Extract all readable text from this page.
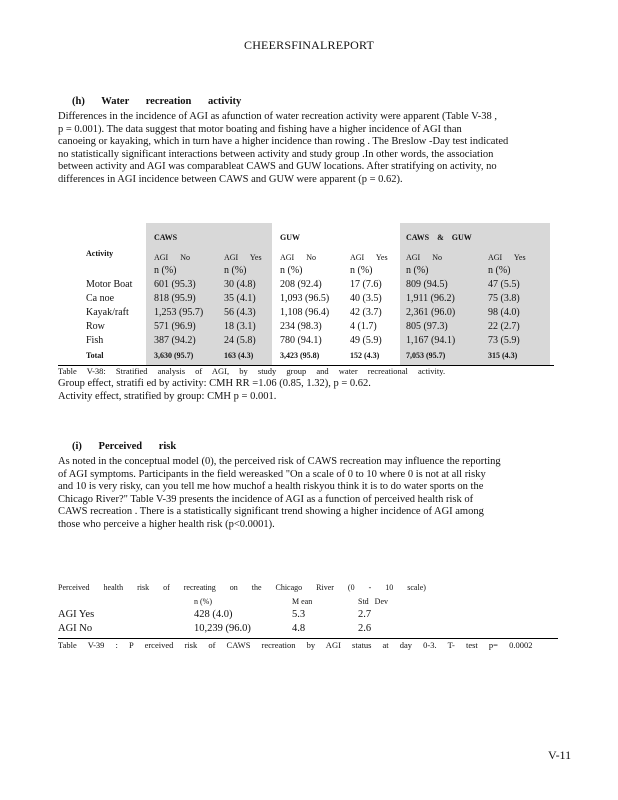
CHEERSFINALREPORT
(h) Water recreation activity

Differences in the incidence of AGI as afunction of water recreation activity were apparent (Table V-38 ,

p = 0.001). The data suggest that motor boating and fishing have a higher incidence of AGI than

canoeing or kayaking, which in turn have a higher incidence than rowing . The Breslow -Day test indicated

no statistically significant interactions between activity and study group .In other words, the association

between activity and AGI was comparableat CAWS and GUW locations. After stratifying on activity, no

differences in AGI incidence between CAWS and GUW were apparent (p = 0.62).

CAWS	GUW	CAWS & GUW
Activity	AGI No	AGI Yes AGI No	AGI Yes AGI No	AGI Yes
n (%)	n (%)	n (%)	n (%)	n (%)	n (%)
Motor Boat 601 (95.3)	30 (4.8) 208 (92.4)	17 (7.6) 809 (94.5)	47 (5.5)
Ca noe	818 (95.9)	35 (4.1) 1,093 (96.5) 40 (3.5) 1,911 (96.2)	75 (3.8)
Kayak/raft	1,253 (95.7) 56 (4.3) 1,108 (96.4) 42 (3.7) 2,361 (96.0)	98 (4.0)
Row	571 (96.9)	18 (3.1) 234 (98.3)	4 (1.7)	805 (97.3)	22 (2.7)
Fish	387 (94.2)	24 (5.8) 780 (94.1)	49 (5.9) 1,167 (94.1)	73 (5.9)
Total	3,630 (95.7)	163 (4.3)	3,423 (95.8)	152 (4.3)	7,053 (95.7)	315 (4.3)
Table V-38: Stratified analysis of AGI, by study group and water recreational activity.

Group effect, stratifi ed by activity: CMH RR =1.06 (0.85, 1.32), p = 0.62.

Activity effect, stratified by group: CMH p = 0.001.

(i) Perceived risk

As noted in the conceptual model (0), the perceived risk of CAWS recreation may influence the reporting

of AGI symptoms. Participants in the field wereasked "On a scale of 0 to 10 where 0 is not at all risky

and 10 is very risky, can you tell me how muchof a health riskyou think it is to do water sports on the

Chicago River?" Table V-39 presents the incidence of AGI as a function of perceived health risk of

CAWS recreation . There is a statistically significant trend showing a higher incidence of AGI among

those who perceive a higher health risk (p<0.0001).

Perceived health risk of recreating on the Chicago River (0 - 10 scale)
n (%)	M ean	Std Dev
AGI Yes	428 (4.0)	5.3	2.7
AGI No	10,239 (96.0)	4.8	2.6
Table V-39 : P erceived risk of CAWS recreation by AGI status at day 0-3. T- test p= 0.0002
V-11
